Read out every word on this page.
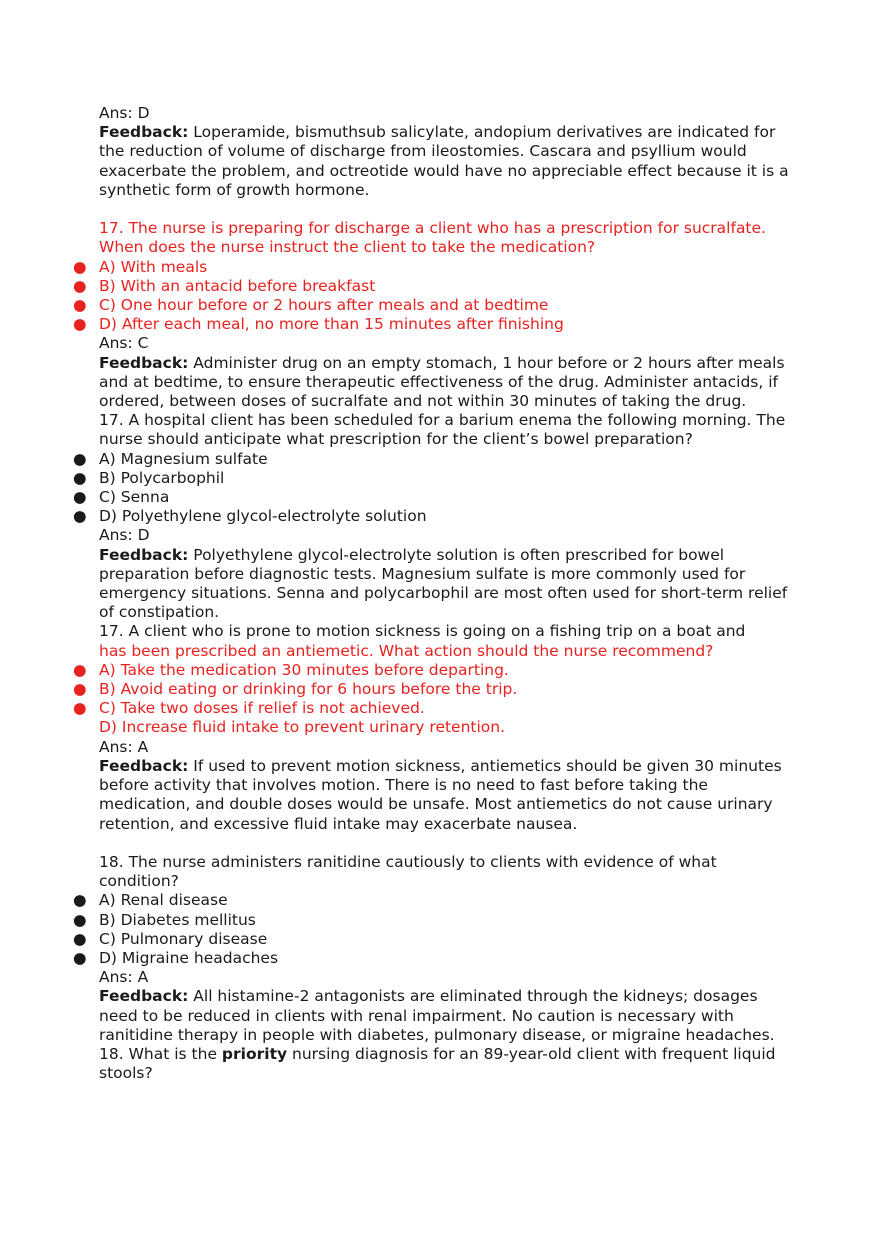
Ans: D
Feedback: Loperamide, bismuthsub salicylate, andopium derivatives are indicated for the reduction of volume of discharge from ileostomies. Cascara and psyllium would exacerbate the problem, and octreotide would have no appreciable effect because it is a synthetic form of growth hormone.
17. The nurse is preparing for discharge a client who has a prescription for sucralfate. When does the nurse instruct the client to take the medication?
● A) With meals
● B) With an antacid before breakfast
● C) One hour before or 2 hours after meals and at bedtime
● D) After each meal, no more than 15 minutes after finishing
Ans: C
Feedback: Administer drug on an empty stomach, 1 hour before or 2 hours after meals and at bedtime, to ensure therapeutic effectiveness of the drug. Administer antacids, if ordered, between doses of sucralfate and not within 30 minutes of taking the drug.
17. A hospital client has been scheduled for a barium enema the following morning. The nurse should anticipate what prescription for the client’s bowel preparation?
● A) Magnesium sulfate
● B) Polycarbophil
● C) Senna
● D) Polyethylene glycol-electrolyte solution
Ans: D
Feedback: Polyethylene glycol-electrolyte solution is often prescribed for bowel preparation before diagnostic tests. Magnesium sulfate is more commonly used for emergency situations. Senna and polycarbophil are most often used for short-term relief of constipation.
17. A client who is prone to motion sickness is going on a fishing trip on a boat and
has been prescribed an antiemetic. What action should the nurse recommend?
● A) Take the medication 30 minutes before departing.
● B) Avoid eating or drinking for 6 hours before the trip.
● C) Take two doses if relief is not achieved.
D) Increase fluid intake to prevent urinary retention.
Ans: A
Feedback: If used to prevent motion sickness, antiemetics should be given 30 minutes before activity that involves motion. There is no need to fast before taking the medication, and double doses would be unsafe. Most antiemetics do not cause urinary retention, and excessive fluid intake may exacerbate nausea.
18. The nurse administers ranitidine cautiously to clients with evidence of what condition?
● A) Renal disease
● B) Diabetes mellitus
● C) Pulmonary disease
● D) Migraine headaches
Ans: A
Feedback: All histamine-2 antagonists are eliminated through the kidneys; dosages need to be reduced in clients with renal impairment. No caution is necessary with ranitidine therapy in people with diabetes, pulmonary disease, or migraine headaches.
18. What is the priority nursing diagnosis for an 89-year-old client with frequent liquid stools?
